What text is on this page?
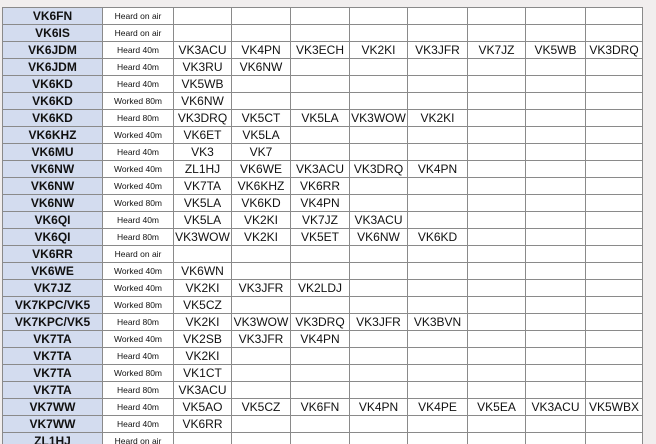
VK6FN	Heard on air								
VK6IS	Heard on air								
VK6JDM	Heard 40m	VK3ACU	VK4PN	VK3ECH	VK2KI	VK3JFR	VK7JZ	VK5WB	VK3DRQ
VK6JDM	Heard 40m	VK3RU	VK6NW						
VK6KD	Heard 40m	VK5WB							
VK6KD	Worked 80m	VK6NW							
VK6KD	Heard 80m	VK3DRQ	VK5CT	VK5LA	VK3WOW	VK2KI			
VK6KHZ	Worked 40m	VK6ET	VK5LA						
VK6MU	Heard 40m	VK3	VK7						
VK6NW	Worked 40m	ZL1HJ	VK6WE	VK3ACU	VK3DRQ	VK4PN			
VK6NW	Worked 40m	VK7TA	VK6KHZ	VK6RR					
VK6NW	Worked 80m	VK5LA	VK6KD	VK4PN					
VK6QI	Heard 40m	VK5LA	VK2KI	VK7JZ	VK3ACU				
VK6QI	Heard 80m	VK3WOW	VK2KI	VK5ET	VK6NW	VK6KD			
VK6RR	Heard on air								
VK6WE	Worked 40m	VK6WN							
VK7JZ	Worked 40m	VK2KI	VK3JFR	VK2LDJ					
VK7KPC/VK5	Worked 80m	VK5CZ							
VK7KPC/VK5	Heard 80m	VK2KI	VK3WOW	VK3DRQ	VK3JFR	VK3BVN			
VK7TA	Worked 40m	VK2SB	VK3JFR	VK4PN					
VK7TA	Heard 40m	VK2KI							
VK7TA	Worked 80m	VK1CT							
VK7TA	Heard 80m	VK3ACU							
VK7WW	Heard 40m	VK5AO	VK5CZ	VK6FN	VK4PN	VK4PE	VK5EA	VK3ACU	VK5WBX
VK7WW	Heard 40m	VK6RR							
ZL1HJ	Heard on air								
